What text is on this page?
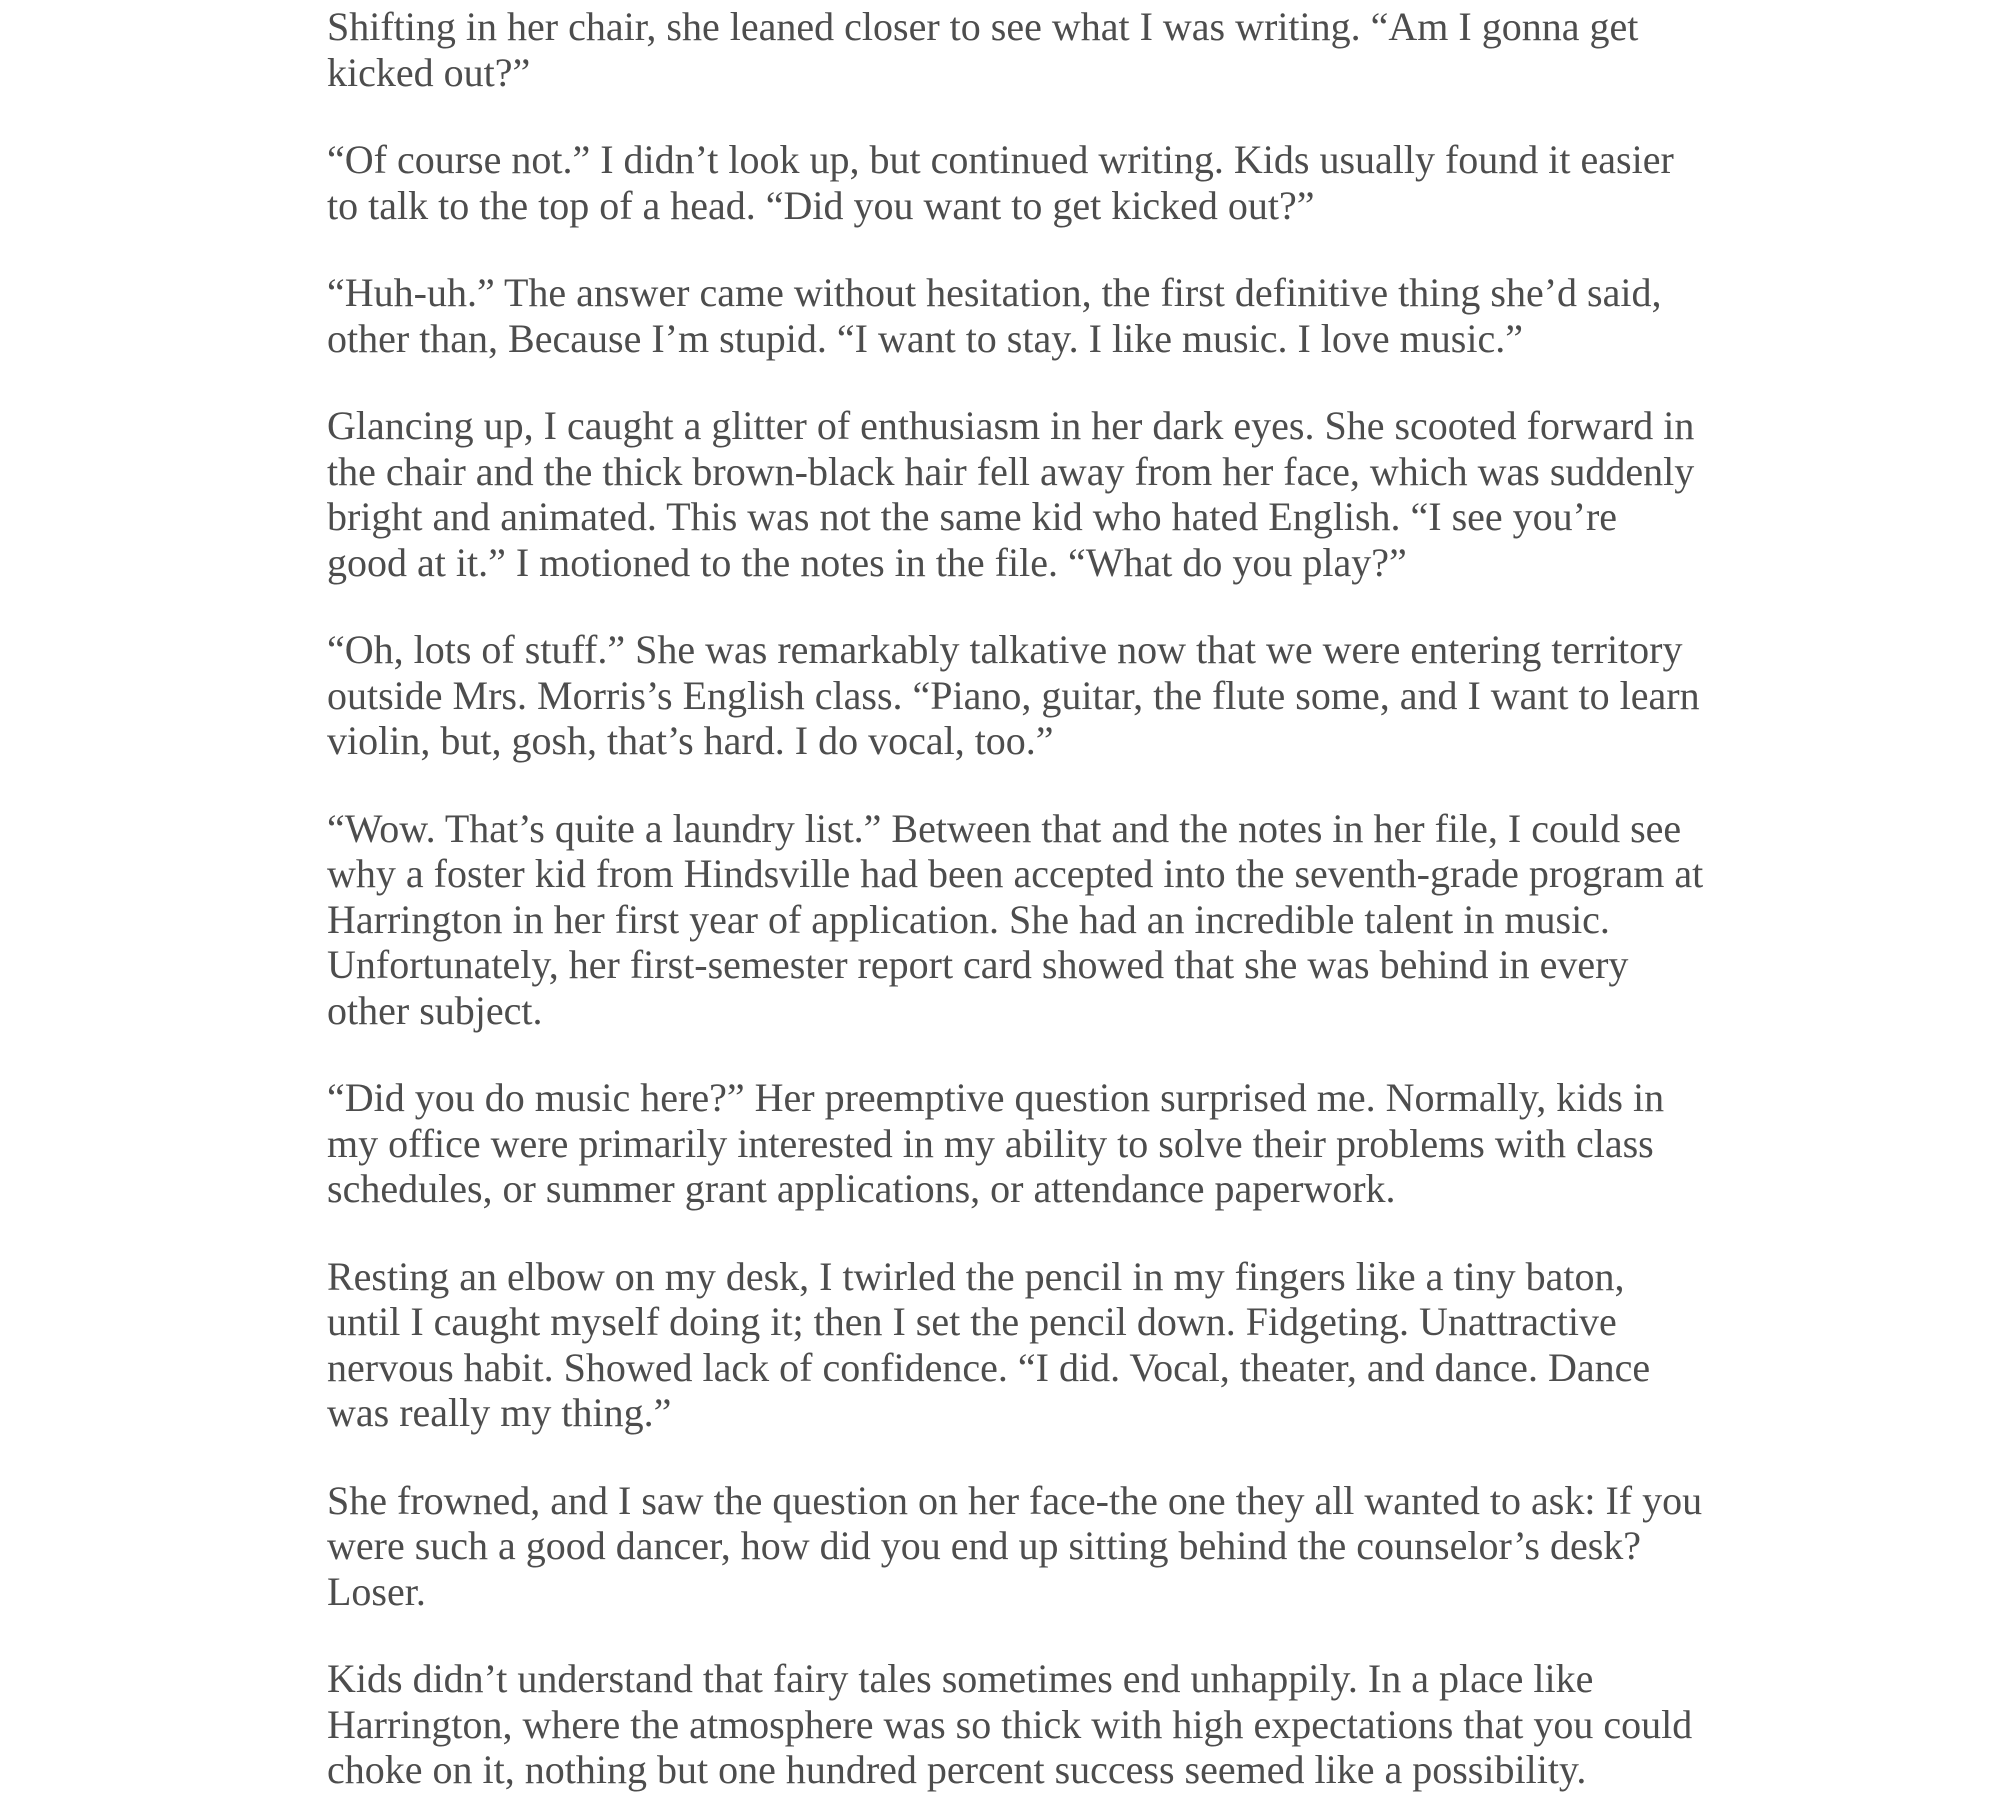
Shifting in her chair, she leaned closer to see what I was writing. “Am I gonna get kicked out?”

“Of course not.” I didn’t look up, but continued writing. Kids usually found it easier to talk to the top of a head. “Did you want to get kicked out?”

“Huh-uh.” The answer came without hesitation, the first definitive thing she’d said, other than, Because I’m stupid. “I want to stay. I like music. I love music.”

Glancing up, I caught a glitter of enthusiasm in her dark eyes. She scooted forward in the chair and the thick brown-black hair fell away from her face, which was suddenly bright and animated. This was not the same kid who hated English. “I see you’re good at it.” I motioned to the notes in the file. “What do you play?”

“Oh, lots of stuff.” She was remarkably talkative now that we were entering territory outside Mrs. Morris’s English class. “Piano, guitar, the flute some, and I want to learn violin, but, gosh, that’s hard. I do vocal, too.”

“Wow. That’s quite a laundry list.” Between that and the notes in her file, I could see why a foster kid from Hindsville had been accepted into the seventh-grade program at Harrington in her first year of application. She had an incredible talent in music. Unfortunately, her first-semester report card showed that she was behind in every other subject.

“Did you do music here?” Her preemptive question surprised me. Normally, kids in my office were primarily interested in my ability to solve their problems with class schedules, or summer grant applications, or attendance paperwork.

Resting an elbow on my desk, I twirled the pencil in my fingers like a tiny baton, until I caught myself doing it; then I set the pencil down. Fidgeting. Unattractive nervous habit. Showed lack of confidence. “I did. Vocal, theater, and dance. Dance was really my thing.”

She frowned, and I saw the question on her face-the one they all wanted to ask: If you were such a good dancer, how did you end up sitting behind the counselor’s desk? Loser.

Kids didn’t understand that fairy tales sometimes end unhappily. In a place like Harrington, where the atmosphere was so thick with high expectations that you could choke on it, nothing but one hundred percent success seemed like a possibility.
